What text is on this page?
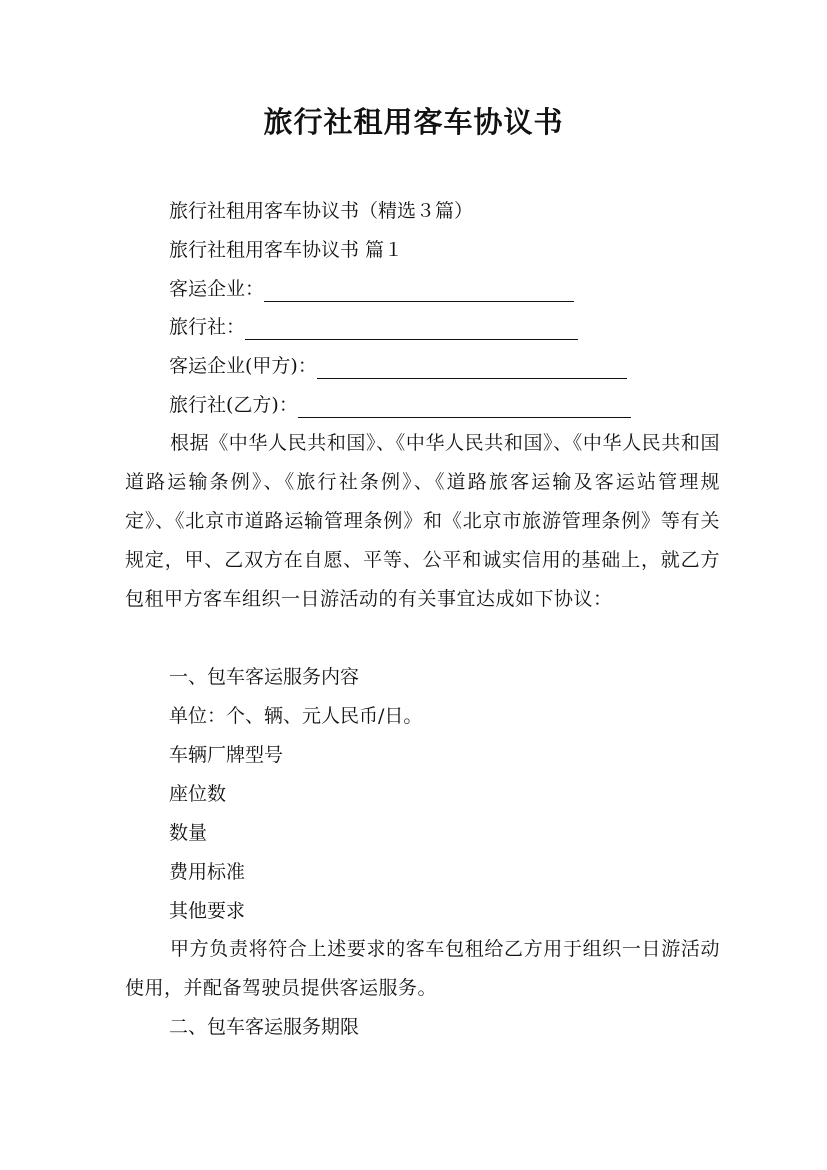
旅行社租用客车协议书
旅行社租用客车协议书（精选３篇）
旅行社租用客车协议书 篇１
客运企业：
旅行社：
客运企业(甲方)：
旅行社(乙方)：
根据《中华人民共和国》、《中华人民共和国》、《中华人民共和国道路运输条例》、《旅行社条例》、《道路旅客运输及客运站管理规定》、《北京市道路运输管理条例》和《北京市旅游管理条例》等有关规定，甲、乙双方在自愿、平等、公平和诚实信用的基础上，就乙方包租甲方客车组织一日游活动的有关事宜达成如下协议：
一、包车客运服务内容
单位：个、辆、元人民币/日。
车辆厂牌型号
座位数
数量
费用标准
其他要求
甲方负责将符合上述要求的客车包租给乙方用于组织一日游活动使用，并配备驾驶员提供客运服务。
二、包车客运服务期限
